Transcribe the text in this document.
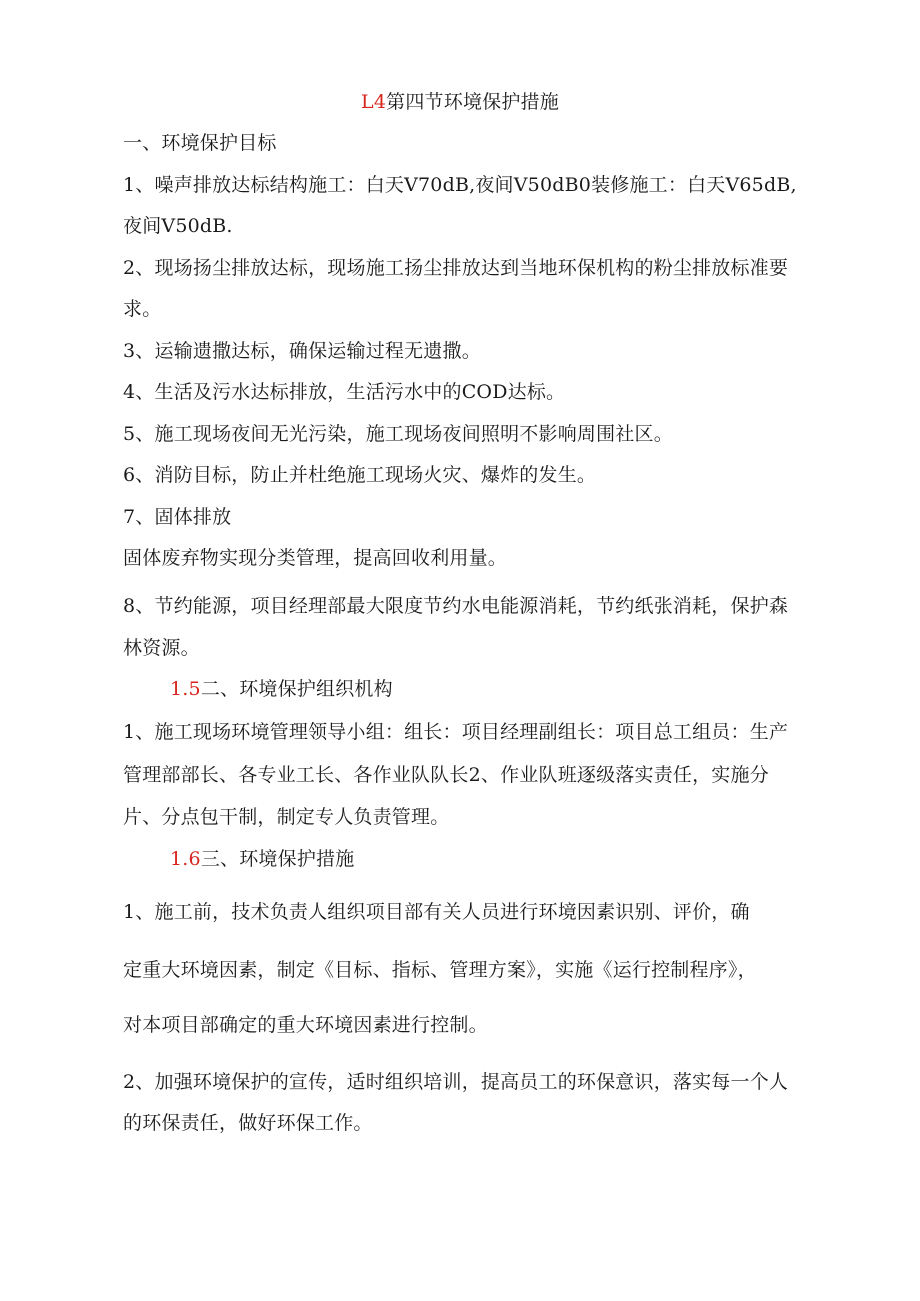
L4第四节环境保护措施
一、环境保护目标
1、噪声排放达标结构施工：白天V70dB,夜间V50dB0装修施工：白天V65dB,
夜间V50dB.
2、现场扬尘排放达标，现场施工扬尘排放达到当地环保机构的粉尘排放标准要
求。
3、运输遗撒达标，确保运输过程无遗撒。
4、生活及污水达标排放，生活污水中的COD达标。
5、施工现场夜间无光污染，施工现场夜间照明不影响周围社区。
6、消防目标，防止并杜绝施工现场火灾、爆炸的发生。
7、固体排放
固体废弃物实现分类管理，提高回收利用量。
8、节约能源，项目经理部最大限度节约水电能源消耗，节约纸张消耗，保护森
林资源。
1.5二、环境保护组织机构
1、施工现场环境管理领导小组：组长：项目经理副组长：项目总工组员：生产
管理部部长、各专业工长、各作业队队长2、作业队班逐级落实责任，实施分
片、分点包干制，制定专人负责管理。
1.6三、环境保护措施
1、施工前，技术负责人组织项目部有关人员进行环境因素识别、评价，确
定重大环境因素，制定《目标、指标、管理方案》，实施《运行控制程序》，
对本项目部确定的重大环境因素进行控制。
2、加强环境保护的宣传，适时组织培训，提高员工的环保意识，落实每一个人
的环保责任，做好环保工作。
